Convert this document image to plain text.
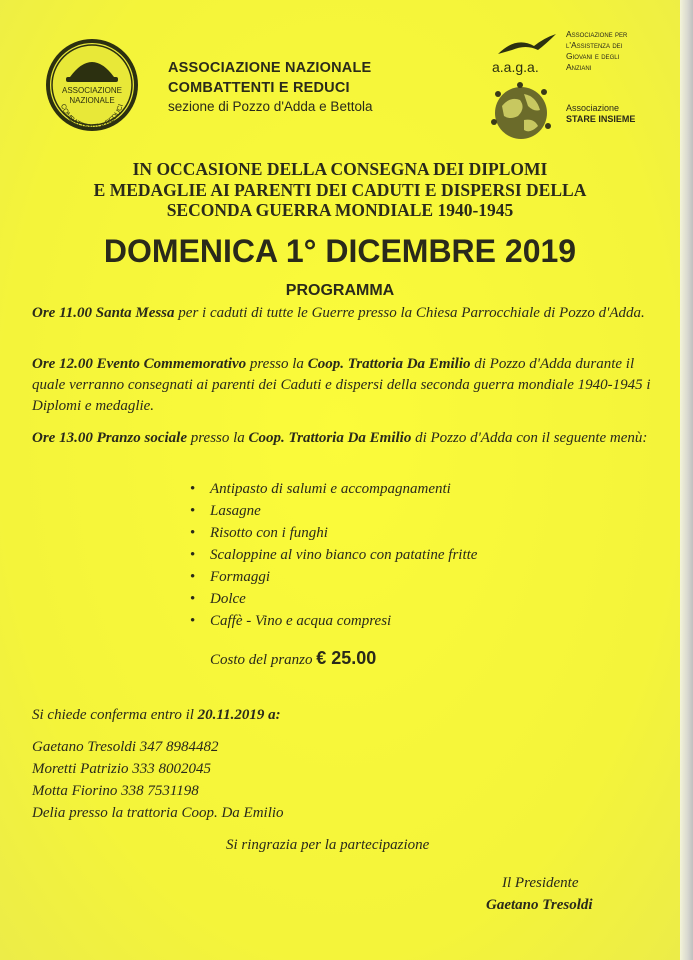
ASSOCIAZIONE
NAZIONALE
COMBATTENTI e REDUCI
ASSOCIAZIONE NAZIONALE
COMBATTENTI E REDUCI
sezione di Pozzo d'Adda e Bettola
a.a.g.a.
Associazione per
l'Assistenza dei
Giovani e degli
Anziani
Associazione
STARE INSIEME
IN OCCASIONE DELLA CONSEGNA DEI DIPLOMI
E MEDAGLIE AI PARENTI DEI CADUTI E DISPERSI DELLA
SECONDA GUERRA MONDIALE 1940-1945
DOMENICA 1° DICEMBRE 2019
PROGRAMMA
Ore 11.00 Santa Messa per i caduti di tutte le Guerre presso la Chiesa Parrocchiale di Pozzo d'Adda.
Ore 12.00 Evento Commemorativo presso la Coop. Trattoria Da Emilio di Pozzo d'Adda durante il quale verranno consegnati ai parenti dei Caduti e dispersi della seconda guerra mondiale 1940-1945 i Diplomi e medaglie.
Ore 13.00 Pranzo sociale presso la Coop. Trattoria Da Emilio di Pozzo d'Adda con il seguente menù:
• Antipasto di salumi e accompagnamenti
• Lasagne
• Risotto con i funghi
• Scaloppine al vino bianco con patatine fritte
• Formaggi
• Dolce
• Caffè - Vino e acqua compresi
Costo del pranzo € 25.00
Si chiede conferma entro il 20.11.2019 a:
Gaetano Tresoldi 347 8984482
Moretti Patrizio 333 8002045
Motta Fiorino 338 7531198
Delia presso la trattoria Coop. Da Emilio
Si ringrazia per la partecipazione
Il Presidente
Gaetano Tresoldi
